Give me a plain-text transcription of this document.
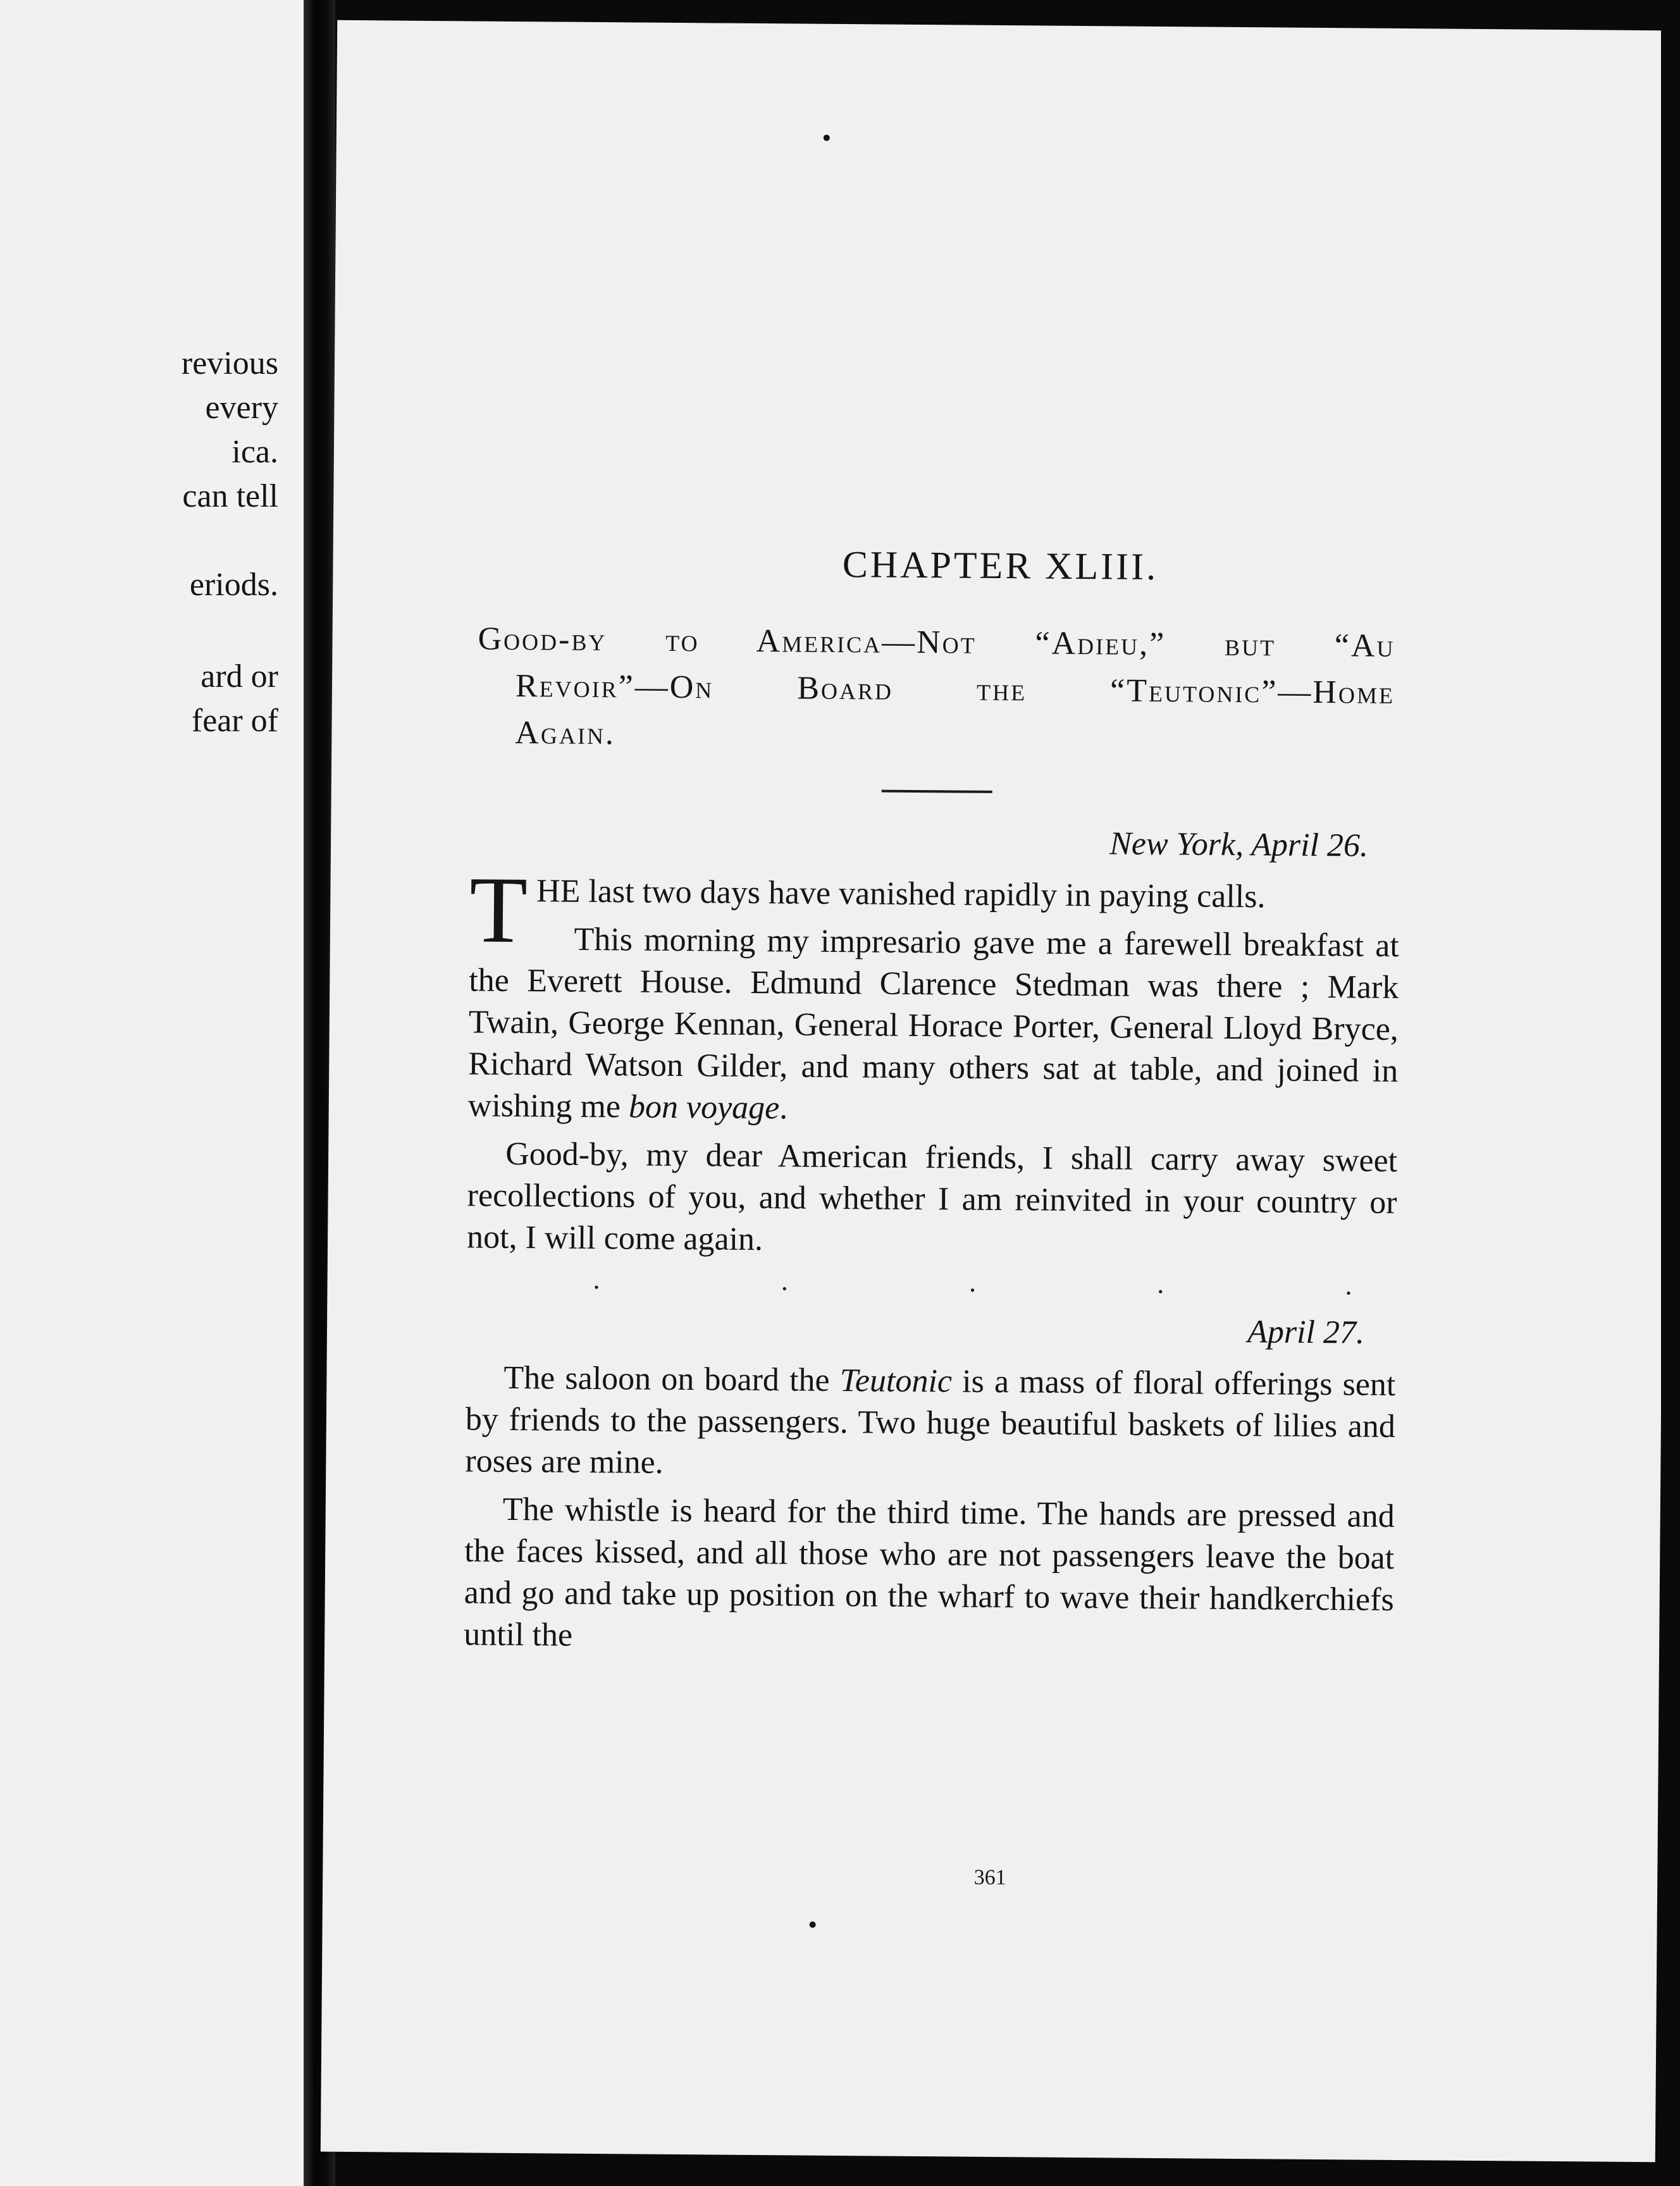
revious
every
ica.
can tell
eriods.
ard or
fear of
CHAPTER XLIII.
Good-by to America—Not “Adieu,” but “Au
Revoir”—On Board the “Teutonic”—Home
Again.
New York, April 26.

THE last two days have vanished rapidly in paying calls.

This morning my impresario gave me a farewell breakfast at the Everett House. Edmund Clarence Stedman was there ; Mark Twain, George Kennan, General Horace Porter, General Lloyd Bryce, Richard Watson Gilder, and many others sat at table, and joined in wishing me bon voyage.

Good-by, my dear American friends, I shall carry away sweet recollections of you, and whether I am reinvited in your country or not, I will come again.

.	.	.	.	.
April 27.

The saloon on board the Teutonic is a mass of floral offerings sent by friends to the passengers. Two huge beautiful baskets of lilies and roses are mine.

The whistle is heard for the third time. The hands are pressed and the faces kissed, and all those who are not passengers leave the boat and go and take up position on the wharf to wave their handkerchiefs until the

361
